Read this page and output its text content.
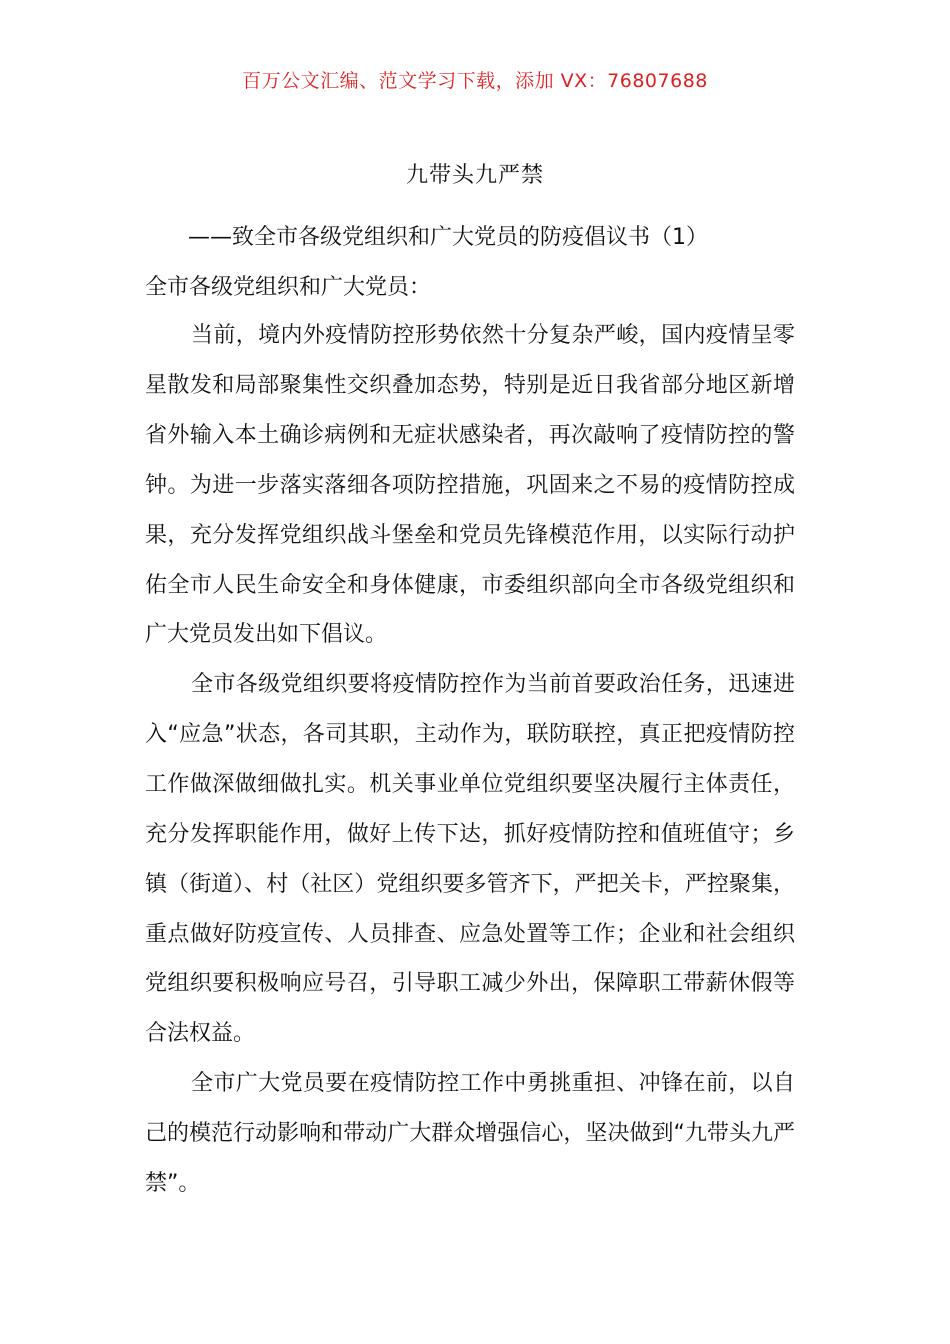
百万公文汇编、范文学习下载，添加 VX：76807688
九带头九严禁
——致全市各级党组织和广大党员的防疫倡议书（1）
全市各级党组织和广大党员：

当前，境内外疫情防控形势依然十分复杂严峻，国内疫情呈零星散发和局部聚集性交织叠加态势，特别是近日我省部分地区新增省外输入本土确诊病例和无症状感染者，再次敲响了疫情防控的警钟。为进一步落实落细各项防控措施，巩固来之不易的疫情防控成果，充分发挥党组织战斗堡垒和党员先锋模范作用，以实际行动护佑全市人民生命安全和身体健康，市委组织部向全市各级党组织和广大党员发出如下倡议。

全市各级党组织要将疫情防控作为当前首要政治任务，迅速进入“应急”状态，各司其职，主动作为，联防联控，真正把疫情防控工作做深做细做扎实。机关事业单位党组织要坚决履行主体责任，充分发挥职能作用，做好上传下达，抓好疫情防控和值班值守；乡镇（街道）、村（社区）党组织要多管齐下，严把关卡，严控聚集，重点做好防疫宣传、人员排查、应急处置等工作；企业和社会组织党组织要积极响应号召，引导职工减少外出，保障职工带薪休假等合法权益。

全市广大党员要在疫情防控工作中勇挑重担、冲锋在前，以自己的模范行动影响和带动广大群众增强信心，坚决做到“九带头九严禁”。
